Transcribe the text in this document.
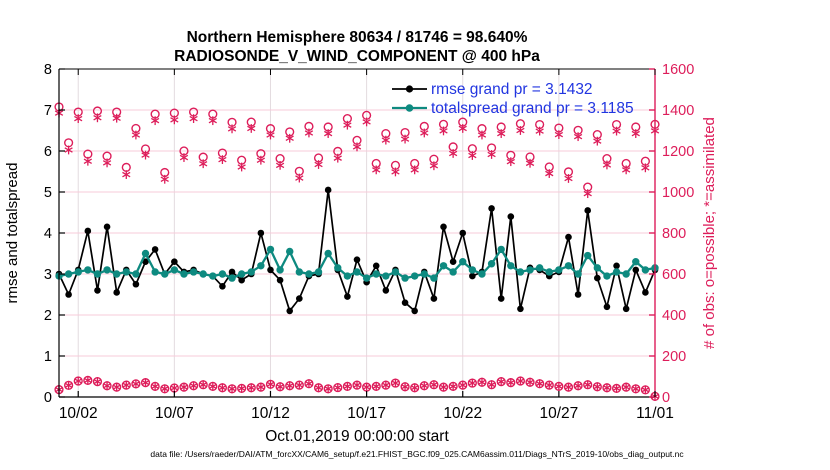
Northern Hemisphere 80634 / 81746 = 98.640%
RADIOSONDE_V_WIND_COMPONENT @ 400 hPa
0
1
2
3
4
5
6
7
8
0
200
400
600
800
1000
1200
1400
1600
10/02	10/07	10/12	10/17	10/22	10/27	11/01
rmse and totalspread	# of obs: o=possible; *=assimilated
Oct.01,2019 00:00:00 start
rmse grand pr = 3.1432
totalspread grand pr = 3.1185
data file: /Users/raeder/DAI/ATM_forcXX/CAM6_setup/f.e21.FHIST_BGC.f09_025.CAM6assim.011/Diags_NTrS_2019-10/obs_diag_output.nc
